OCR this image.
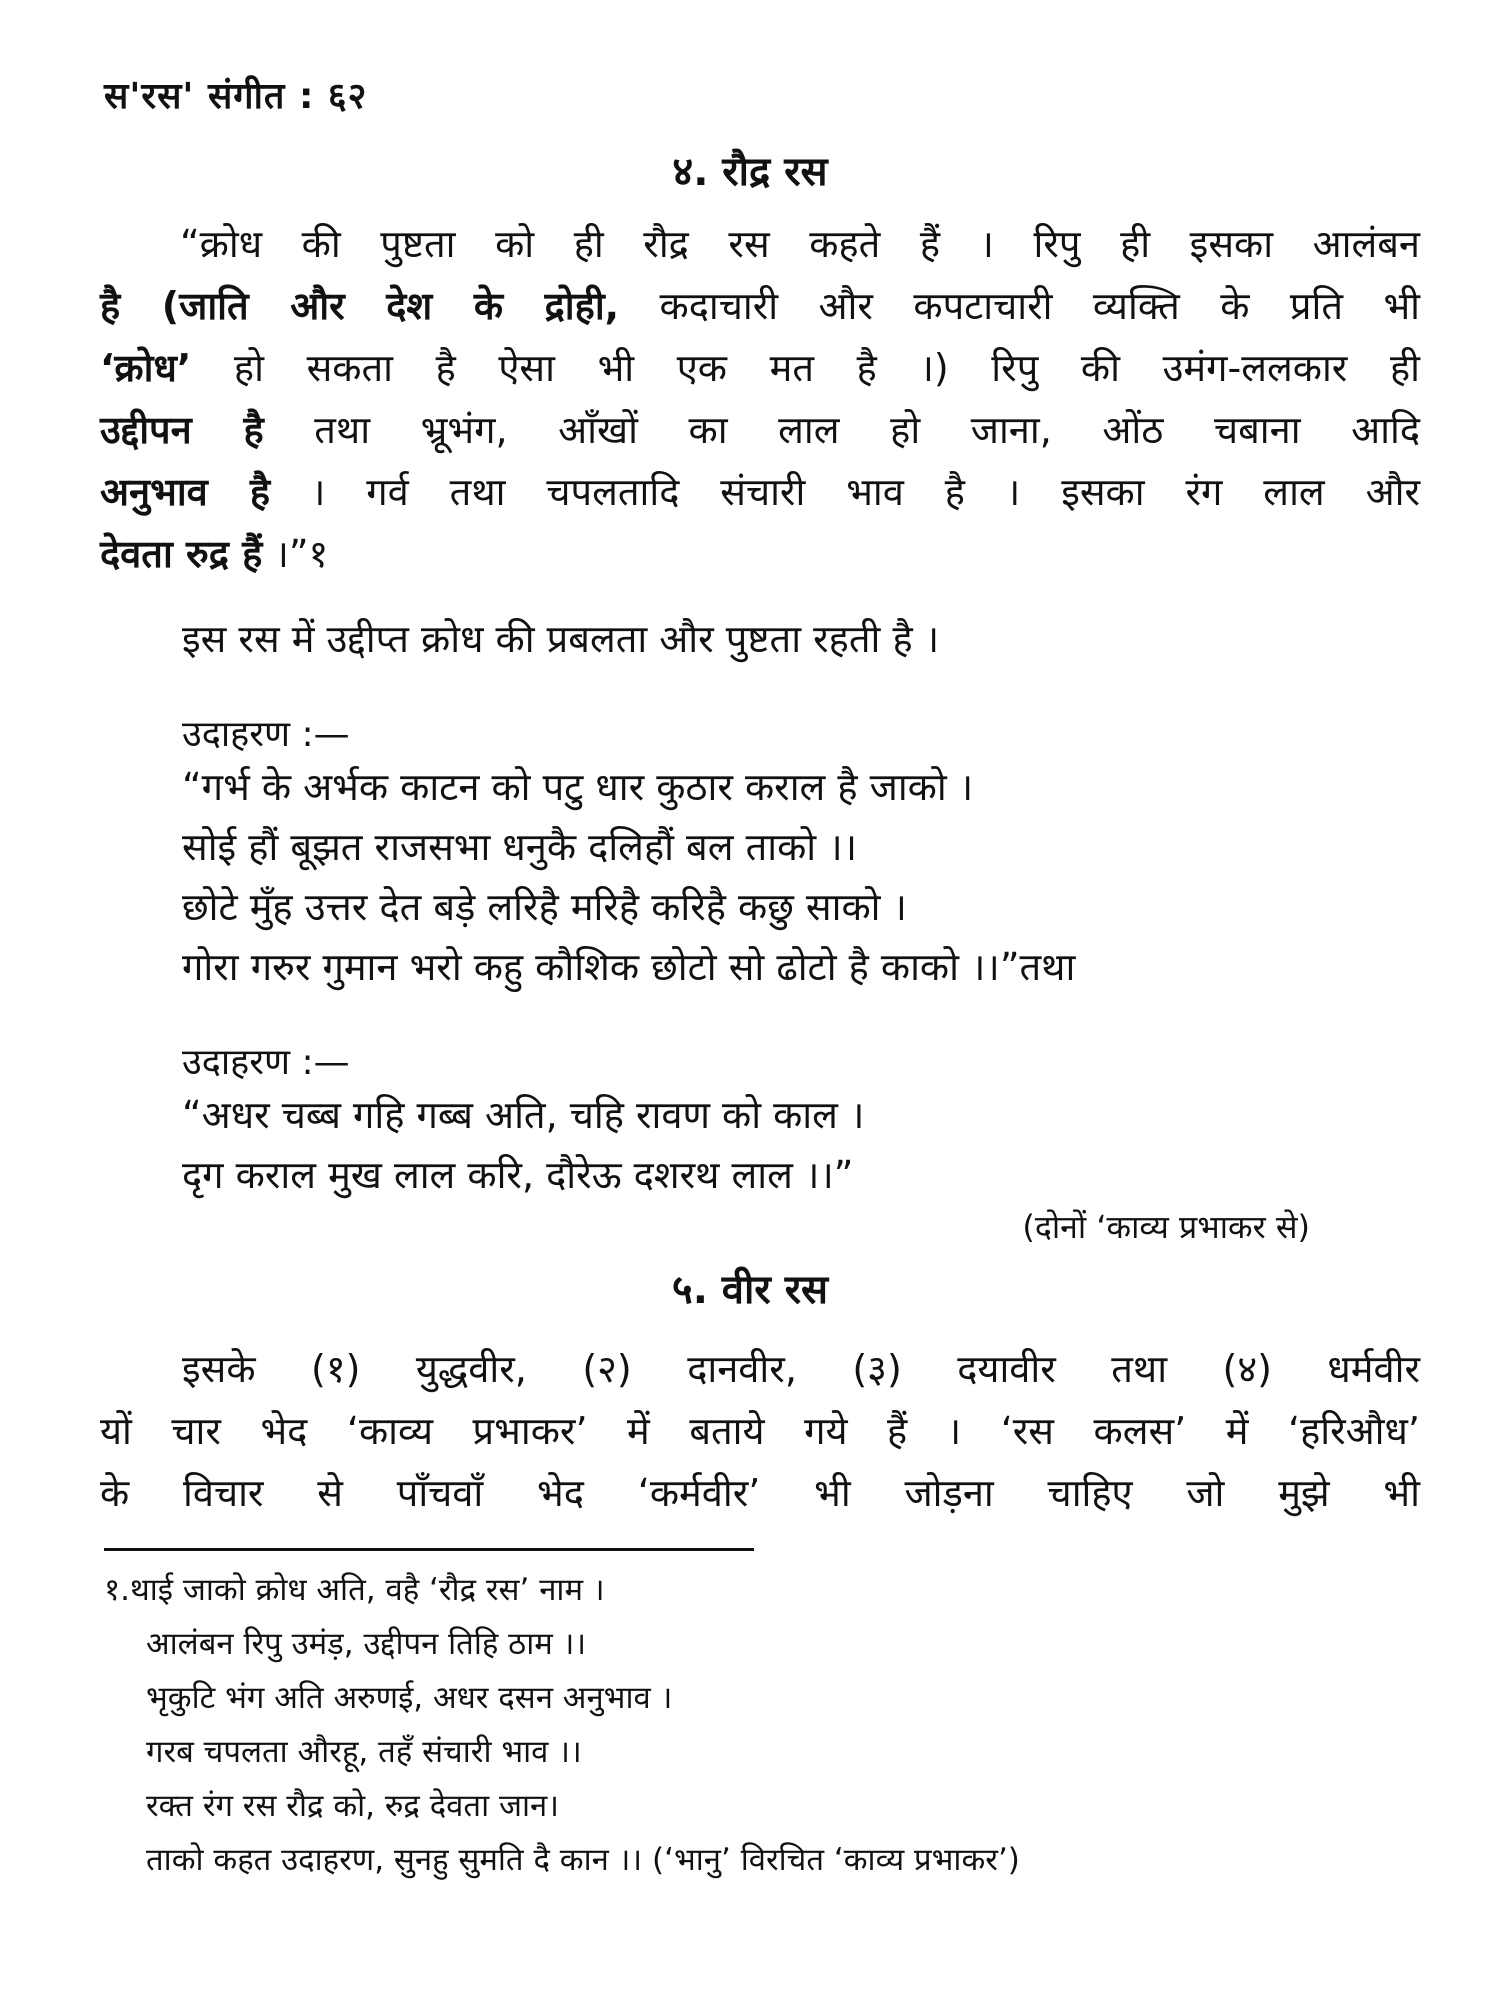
स'रस' संगीत : ६२
४. रौद्र रस
“क्रोध की पुष्टता को ही रौद्र रस कहते हैं । रिपु ही इसका आलंबन
है (जाति और देश के द्रोही, कदाचारी और कपटाचारी व्यक्ति के प्रति भी
‘क्रोध’ हो सकता है ऐसा भी एक मत है ।) रिपु की उमंग-ललकार ही
उद्दीपन है तथा भ्रूभंग, आँखों का लाल हो जाना, ओंठ चबाना आदि
अनुभाव है । गर्व तथा चपलतादि संचारी भाव है । इसका रंग लाल और
देवता रुद्र हैं ।”१
इस रस में उद्दीप्त क्रोध की प्रबलता और पुष्टता रहती है ।
उदाहरण :—
“गर्भ के अर्भक काटन को पटु धार कुठार कराल है जाको ।
सोई हौं बूझत राजसभा धनुकै दलिहौं बल ताको ।।
छोटे मुँह उत्तर देत बड़े लरिहै मरिहै करिहै कछु साको ।
गोरा गरुर गुमान भरो कहु कौशिक छोटो सो ढोटो है काको ।।”तथा
उदाहरण :—
“अधर चब्ब गहि गब्ब अति, चहि रावण को काल ।
दृग कराल मुख लाल करि, दौरेऊ दशरथ लाल ।।”
(दोनों ‘काव्य प्रभाकर से)
५. वीर रस
इसके (१) युद्धवीर, (२) दानवीर, (३) दयावीर तथा (४) धर्मवीर
यों चार भेद ‘काव्य प्रभाकर’ में बताये गये हैं । ‘रस कलस’ में ‘हरिऔध’
के विचार से पाँचवाँ भेद ‘कर्मवीर’ भी जोड़ना चाहिए जो मुझे भी
१.थाई जाको क्रोध अति, वहै ‘रौद्र रस’ नाम ।
आलंबन रिपु उमंड़, उद्दीपन तिहि ठाम ।।
भृकुटि भंग अति अरुणई, अधर दसन अनुभाव ।
गरब चपलता औरहू, तहँ संचारी भाव ।।
रक्त रंग रस रौद्र को, रुद्र देवता जान।
ताको कहत उदाहरण, सुनहु सुमति दै कान ।। (‘भानु’ विरचित ‘काव्य प्रभाकर’)
